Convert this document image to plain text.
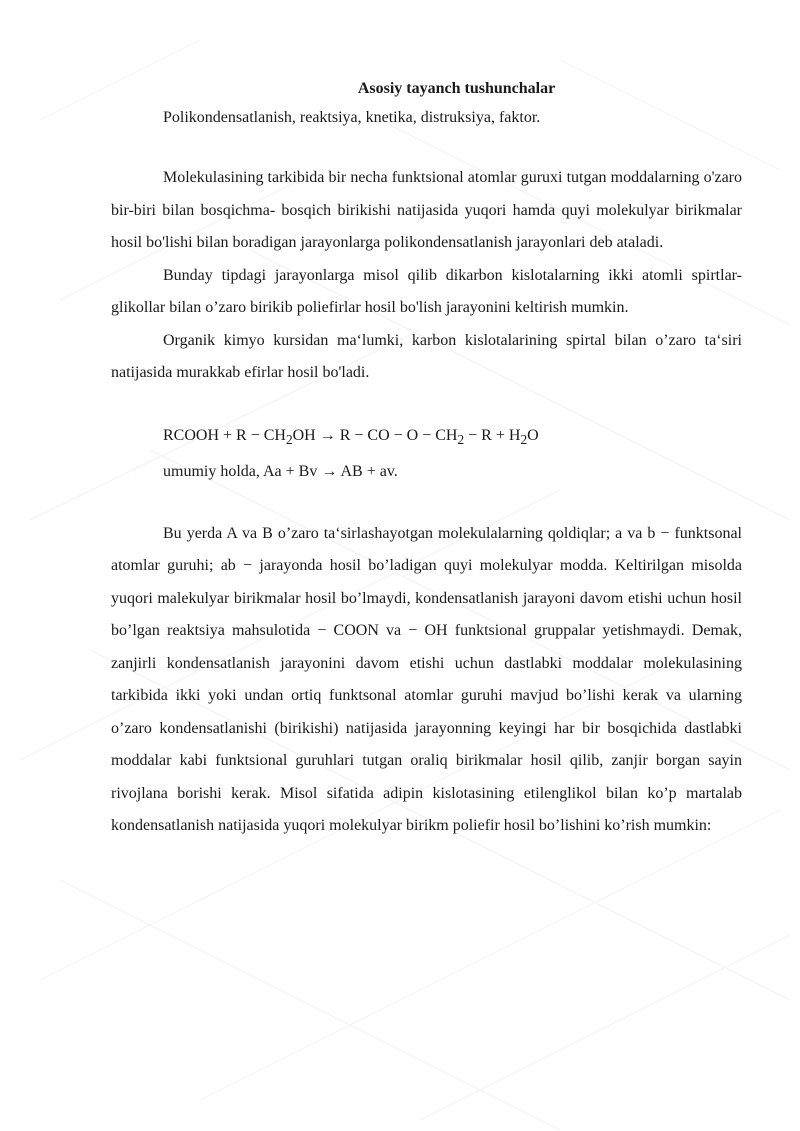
Asosiy tayanch tushunchalar

Polikondensatlanish, reaktsiya, knetika, distruksiya, faktor.

Molekulasining tarkibida bir necha funktsional atomlar guruxi tutgan moddalarning o'zaro bir-biri bilan bosqichma- bosqich birikishi natijasida yuqori hamda quyi molekulyar birikmalar hosil bo'lishi bilan boradigan jarayonlarga polikondensatlanish jarayonlari deb ataladi.

Bunday tipdagi jarayonlarga misol qilib dikarbon kislotalarning ikki atomli spirtlar-glikollar bilan o’zaro birikib poliefirlar hosil bo'lish jarayonini keltirish mumkin.

Organik kimyo kursidan ma‘lumki, karbon kislotalarining spirtal bilan o’zaro ta‘siri natijasida murakkab efirlar hosil bo'ladi.

RCOOH + $R - CH_2OH \to R$ − CO − $O - CH_2 - R + H_2O$

umumiy holda, Aa + Bv → AB + av.

Bu yerda A va B o’zaro ta‘sirlashayotgan molekulalarning qoldiqlar; a va b − funktsonal atomlar guruhi; ab − jarayonda hosil bo’ladigan quyi molekulyar modda. Keltirilgan misolda yuqori malekulyar birikmalar hosil bo’lmaydi, kondensatlanish jarayoni davom etishi uchun hosil bo’lgan reaktsiya mahsulotida − COON va − OH funktsional gruppalar yetishmaydi. Demak, zanjirli kondensatlanish jarayonini davom etishi uchun dastlabki moddalar molekulasining tarkibida ikki yoki undan ortiq funktsonal atomlar guruhi mavjud bo’lishi kerak va ularning o’zaro kondensatlanishi (birikishi) natijasida jarayonning keyingi har bir bosqichida dastlabki moddalar kabi funktsional guruhlari tutgan oraliq birikmalar hosil qilib, zanjir borgan sayin rivojlana borishi kerak. Misol sifatida adipin kislotasining etilenglikol bilan ko’p martalab kondensatlanish natijasida yuqori molekulyar birikm poliefir hosil bo’lishini ko’rish mumkin:
